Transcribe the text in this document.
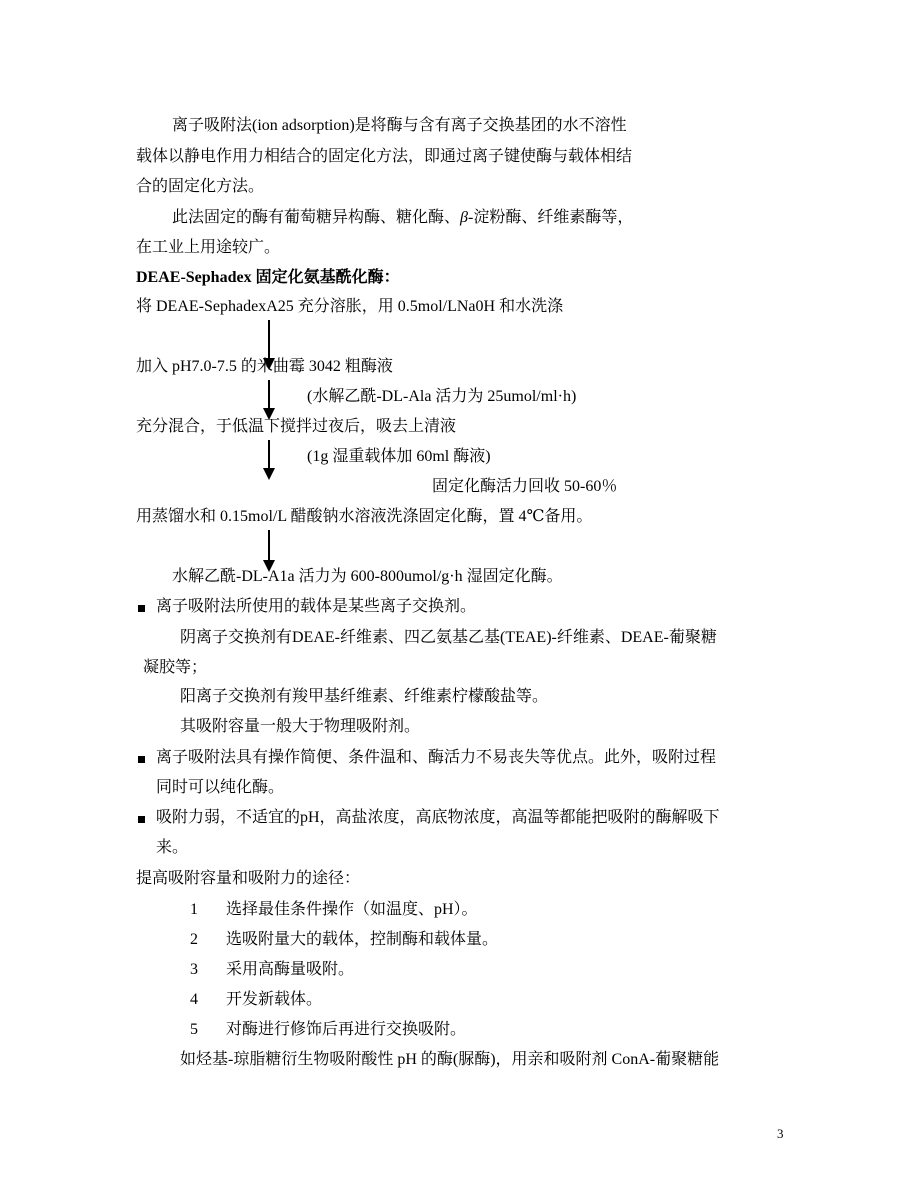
离子吸附法(ion adsorption)是将酶与含有离子交换基团的水不溶性
载体以静电作用力相结合的固定化方法，即通过离子键使酶与载体相结
合的固定化方法。
此法固定的酶有葡萄糖异构酶、糖化酶、β-淀粉酶、纤维素酶等，
在工业上用途较广。
DEAE-Sephadex 固定化氨基酰化酶：
将 DEAE-SephadexA25 充分溶胀，用 0.5mol/LNa0H 和水洗涤
加入 pH7.0-7.5 的米曲霉 3042 粗酶液
(水解乙酰-DL-Ala 活力为 25umol/ml·h)
充分混合，于低温下搅拌过夜后，吸去上清液
(1g 湿重载体加 60ml 酶液)
固定化酶活力回收 50-60％
用蒸馏水和 0.15mol/L 醋酸钠水溶液洗涤固定化酶，置 4℃备用。
水解乙酰-DL-A1a 活力为 600-800umol/g·h 湿固定化酶。
离子吸附法所使用的载体是某些离子交换剂。
阴离子交换剂有DEAE-纤维素、四乙氨基乙基(TEAE)-纤维素、DEAE-葡聚糖
凝胶等；
阳离子交换剂有羧甲基纤维素、纤维素柠檬酸盐等。
其吸附容量一般大于物理吸附剂。
离子吸附法具有操作简便、条件温和、酶活力不易丧失等优点。此外，吸附过程
同时可以纯化酶。
吸附力弱，不适宜的pH，高盐浓度，高底物浓度，高温等都能把吸附的酶解吸下
来。
提高吸附容量和吸附力的途径：
1 选择最佳条件操作（如温度、pH）。
2 选吸附量大的载体，控制酶和载体量。
3 采用高酶量吸附。
4 开发新载体。
5 对酶进行修饰后再进行交换吸附。
如烃基-琼脂糖衍生物吸附酸性 pH 的酶(脲酶)，用亲和吸附剂 ConA-葡聚糖能
3
